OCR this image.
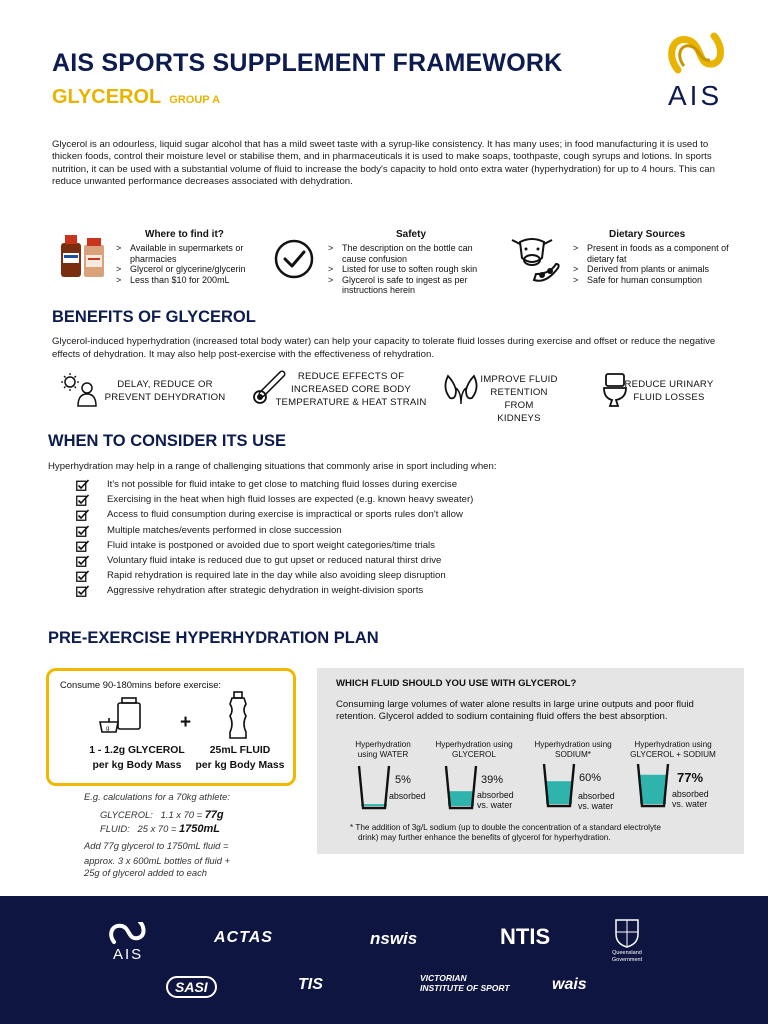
AIS SPORTS SUPPLEMENT FRAMEWORK
GLYCEROL GROUP A	AIS
Glycerol is an odourless, liquid sugar alcohol that has a mild sweet taste with a syrup-like consistency. It has many uses; in food manufacturing it is used to thicken foods, control their moisture level or stabilise them, and in pharmaceuticals it is used to make soaps, toothpaste, cough syrups and lotions. In sports nutrition, it can be used with a substantial volume of fluid to increase the body's capacity to hold onto extra water (hyperhydration) for up to 4 hours. This can reduce unwanted performance decreases associated with dehydration.
Where to find it?
> Available in supermarkets or pharmacies
> Glycerol or glycerine/glycerin
> Less than $10 for 200mL
Safety
> The description on the bottle can cause confusion
> Listed for use to soften rough skin
> Glycerol is safe to ingest as per instructions herein
Dietary Sources
> Present in foods as a component of dietary fat
> Derived from plants or animals
> Safe for human consumption
BENEFITS OF GLYCEROL
Glycerol-induced hyperhydration (increased total body water) can help your capacity to tolerate fluid losses during exercise and offset or reduce the negative effects of dehydration. It may also help post-exercise with the effectiveness of rehydration.
DELAY, REDUCE OR
PREVENT DEHYDRATION
REDUCE EFFECTS OF
INCREASED CORE BODY
TEMPERATURE & HEAT STRAIN
IMPROVE FLUID
RETENTION FROM
KIDNEYS
REDUCE URINARY
FLUID LOSSES
WHEN TO CONSIDER ITS USE
Hyperhydration may help in a range of challenging situations that commonly arise in sport including when:
It's not possible for fluid intake to get close to matching fluid losses during exercise
Exercising in the heat when high fluid losses are expected (e.g. known heavy sweater)
Access to fluid consumption during exercise is impractical or sports rules don't allow
Multiple matches/events performed in close succession
Fluid intake is postponed or avoided due to sport weight categories/time trials
Voluntary fluid intake is reduced due to gut upset or reduced natural thirst drive
Rapid rehydration is required late in the day while also avoiding sleep disruption
Aggressive rehydration after strategic dehydration in weight-division sports
PRE-EXERCISE HYPERHYDRATION PLAN
Consume 90-180mins before exercise:
g	+
1 - 1.2g GLYCEROL
per kg Body Mass
25mL FLUID
per kg Body Mass
E.g. calculations for a 70kg athlete:
GLYCEROL: 1.1 x 70 = 77g
FLUID: 25 x 70 = 1750mL
Add 77g glycerol to 1750mL fluid =
approx. 3 x 600mL bottles of fluid +
25g of glycerol added to each
WHICH FLUID SHOULD YOU USE WITH GLYCEROL?
Consuming large volumes of water alone results in large urine outputs and poor fluid retention. Glycerol added to sodium containing fluid offers the best absorption.
Hyperhydration
using WATER
Hyperhydration using
GLYCEROL
Hyperhydration using
SODIUM*
Hyperhydration using
GLYCEROL + SODIUM
5%
absorbed
39%
absorbed
vs. water
60%
absorbed
vs. water
77%
absorbed
vs. water
* The addition of 3g/L sodium (up to double the concentration of a standard electrolyte
drink) may further enhance the benefits of glycerol for hyperhydration.
AIS
ACTAS	nswis	NTIS
Queensland Government
SASI	TIS	VICTORIAN INSTITUTE OF SPORT	wais
